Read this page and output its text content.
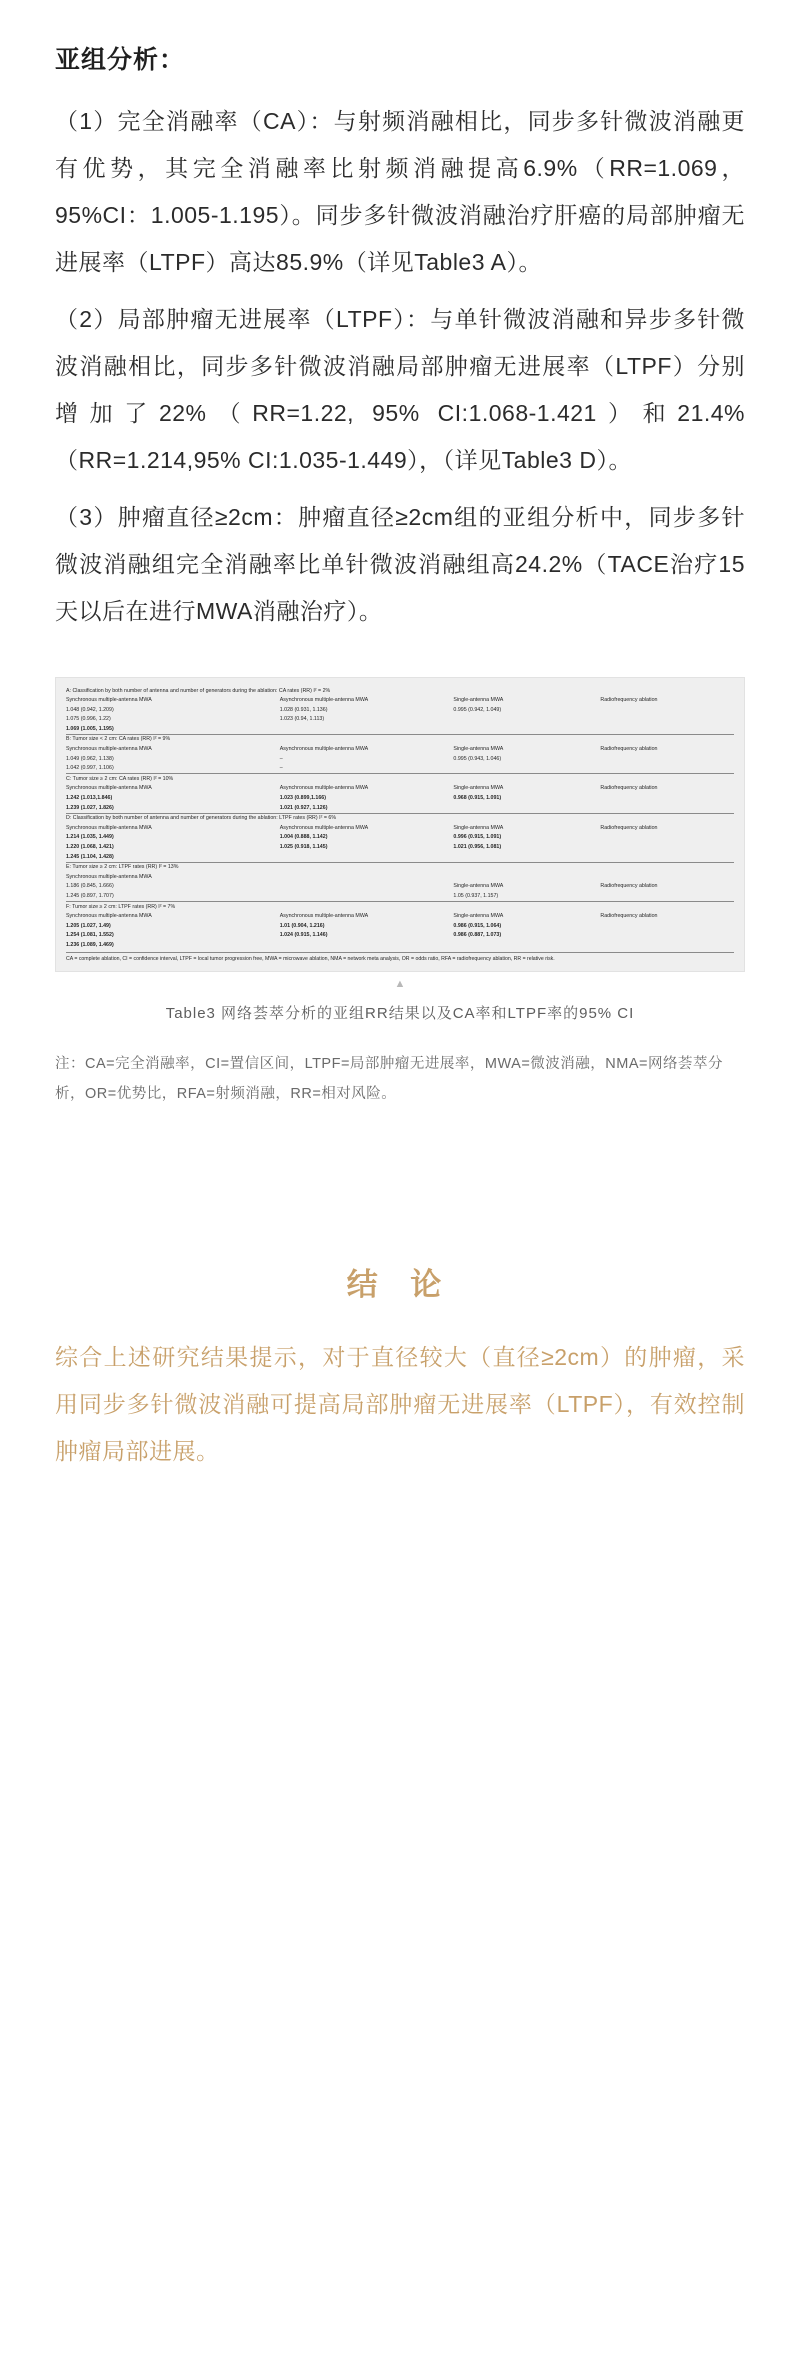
亚组分析：

（1）完全消融率（CA）：与射频消融相比，同步多针微波消融更有优势，其完全消融率比射频消融提高6.9%（RR=1.069，95%CI：1.005-1.195）。同步多针微波消融治疗肝癌的局部肿瘤无进展率（LTPF）高达85.9%（详见Table3 A）。

（2）局部肿瘤无进展率（LTPF）：与单针微波消融和异步多针微波消融相比，同步多针微波消融局部肿瘤无进展率（LTPF）分别增加了22%（RR=1.22, 95% CI:1.068-1.421）和21.4%（RR=1.214,95% CI:1.035-1.449），（详见Table3 D）。

（3）肿瘤直径≥2cm：肿瘤直径≥2cm组的亚组分析中，同步多针微波消融组完全消融率比单针微波消融组高24.2%（TACE治疗15天以后在进行MWA消融治疗）。

A: Classification by both number of antenna and number of generators during the ablation: CA rates (RR) I² = 2%			
Synchronous multiple-antenna MWA	Asynchronous multiple-antenna MWA	Single-antenna MWA	Radiofrequency ablation
1.048 (0.942, 1.209)	1.028 (0.931, 1.136)	0.995 (0.942, 1.049)	
1.075 (0.996, 1.22)	1.023 (0.94, 1.113)		
1.069 (1.005, 1.195)			
B: Tumor size < 2 cm: CA rates (RR) I² = 9%			
Synchronous multiple-antenna MWA	Asynchronous multiple-antenna MWA	Single-antenna MWA	Radiofrequency ablation
1.049 (0.962, 1.138)	–	0.995 (0.943, 1.046)	
1.042 (0.997, 1.106)	–		
C: Tumor size ≥ 2 cm: CA rates (RR) I² = 10%			
Synchronous multiple-antenna MWA	Asynchronous multiple-antenna MWA	Single-antenna MWA	Radiofrequency ablation
1.242 (1.013,1.846)	1.023 (0.899,1.166)	0.968 (0.915, 1.091)	
1.239 (1.027, 1.826)	1.021 (0.927, 1.126)		
D: Classification by both number of antenna and number of generators during the ablation: LTPF rates (RR) I² = 6%			
Synchronous multiple-antenna MWA	Asynchronous multiple-antenna MWA	Single-antenna MWA	Radiofrequency ablation
1.214 (1.035, 1.449)	1.004 (0.888, 1.142)	0.996 (0.915, 1.091)	
1.220 (1.068, 1.421)	1.025 (0.918, 1.145)	1.021 (0.956, 1.081)	
1.245 (1.104, 1.428)			
E: Tumor size ≥ 2 cm: LTPF rates (RR) I² = 13%			
Synchronous multiple-antenna MWA			
1.186 (0.845, 1.666)		Single-antenna MWA	Radiofrequency ablation
1.245 (0.897, 1.707)		1.05 (0.937, 1.157)	
F: Tumor size ≥ 2 cm: LTPF rates (RR) I² = 7%			
Synchronous multiple-antenna MWA	Asynchronous multiple-antenna MWA	Single-antenna MWA	Radiofrequency ablation
1.205 (1.027, 1.49)	1.01 (0.904, 1.216)	0.986 (0.915, 1.064)	
1.254 (1.081, 1.552)	1.024 (0.915, 1.146)	0.986 (0.887, 1.073)	
1.236 (1.089, 1.469)			
CA = complete ablation, CI = confidence interval, LTPF = local tumor progression free, MWA = microwave ablation, NMA = network meta analysis, OR = odds ratio, RFA = radiofrequency ablation, RR = relative risk.
▲
Table3 网络荟萃分析的亚组RR结果以及CA率和LTPF率的95% CI
注：CA=完全消融率，CI=置信区间，LTPF=局部肿瘤无进展率，MWA=微波消融，NMA=网络荟萃分析，OR=优势比，RFA=射频消融，RR=相对风险。
结 论

综合上述研究结果提示，对于直径较大（直径≥2cm）的肿瘤，采用同步多针微波消融可提高局部肿瘤无进展率（LTPF），有效控制肿瘤局部进展。
